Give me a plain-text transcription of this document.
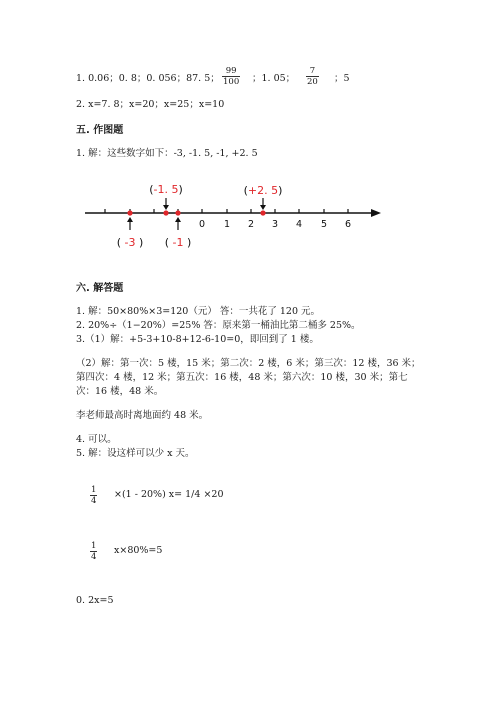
1. 0.06；0. 8；0. 056；87. 5；
99
100 ；1. 05；
7
20 ；5
2. x=7. 8；x=20；x=25；x=10
五. 作图题
1. 解：这些数字如下：-3, -1. 5, -1, +2. 5
0 1 2 3 4 5 6
(-1. 5)	(+2. 5)
( -3 ) ( -1 )
六. 解答题
1. 解：50×80%×3=120（元） 答：一共花了 120 元。
2. 20%÷（1−20%）=25% 答：原来第一桶油比第二桶多 25%。
3.（1）解：+5-3+10-8+12-6-10=0，即回到了 1 楼。
（2）解：第一次：5 楼，15 米；第二次：2 楼，6 米；第三次：12 楼，36 米；
第四次：4 楼，12 米；第五次：16 楼，48 米；第六次：10 楼，30 米；第七
次：16 楼，48 米。
李老师最高时离地面约 48 米。
4. 可以。
5. 解：设这样可以少 x 天。
1
4
×(1 - 20%) x= 1/4 ×20
1
4
x×80%=5
0. 2x=5
